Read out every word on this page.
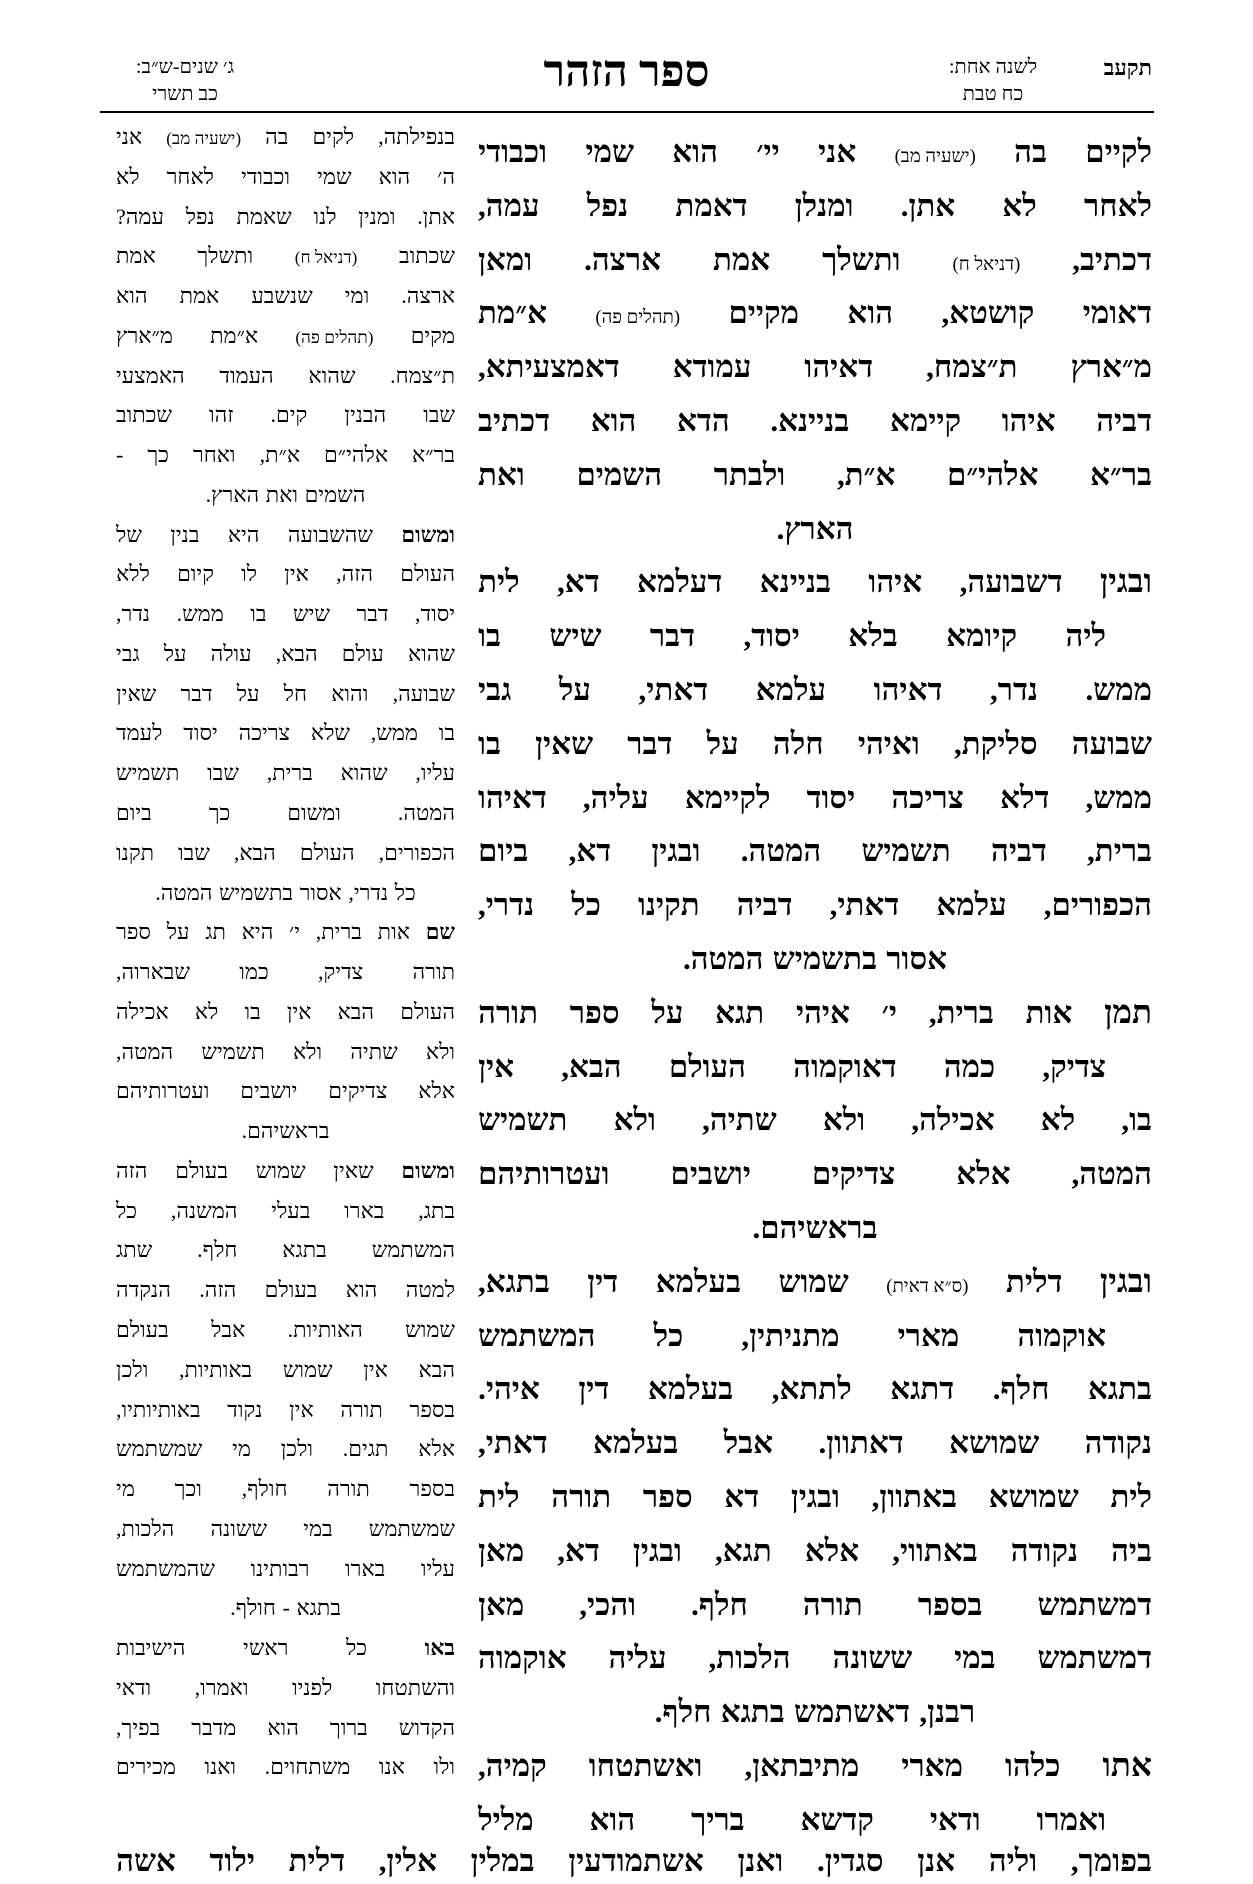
תקעב
לשנה אחת:
כח טבת
ספר הזהר
ג׳ שנים-ש״ב:
כב תשרי
לקיים
בה
(ישעיה מב)
אני
יי׳
הוא
שמי
וכבודי
לאחר
לא
אתן.
ומנלן
דאמת
נפל
עמה,
דכתיב,
(דניאל ח)
ותשלך
אמת
ארצה.
ומאן
דאומי
קושטא,
הוא
מקיים
(תהלים פה)
א״מת
מ״ארץ
ת״צמח,
דאיהו
עמודא
דאמצעיתא,
דביה
איהו
קיימא
בניינא.
הדא
הוא
דכתיב
בר״א
אלהי״ם
א״ת,
ולבתר
השמים
ואת
הארץ.
ובגין
דשבועה,
איהו
בניינא
דעלמא
דא,
לית
ליה
קיומא
בלא
יסוד,
דבר
שיש
בו
ממש.
נדר,
דאיהו
עלמא
דאתי,
על
גבי
שבועה
סליקת,
ואיהי
חלה
על
דבר
שאין
בו
ממש,
דלא
צריכה
יסוד
לקיימא
עליה,
דאיהו
ברית,
דביה
תשמיש
המטה.
ובגין
דא,
ביום
הכפורים,
עלמא
דאתי,
דביה
תקינו
כל
נדרי,
אסור
בתשמיש
המטה.
תמן
אות
ברית,
י׳
איהי
תגא
על
ספר
תורה
צדיק,
כמה
דאוקמוה
העולם
הבא,
אין
בו,
לא
אכילה,
ולא
שתיה,
ולא
תשמיש
המטה,
אלא
צדיקים
יושבים
ועטרותיהם
בראשיהם.
ובגין
דלית
(ס״א דאית)
שמוש
בעלמא
דין
בתגא,
אוקמוה
מארי
מתניתין,
כל
המשתמש
בתגא
חלף.
דתגא
לתתא,
בעלמא
דין
איהי.
נקודה
שמושא
דאתוון.
אבל
בעלמא
דאתי,
לית
שמושא
באתוון,
ובגין
דא
ספר
תורה
לית
ביה
נקודה
באתווי,
אלא
תגא,
ובגין
דא,
מאן
דמשתמש
בספר
תורה
חלף.
והכי,
מאן
דמשתמש
במי
ששונה
הלכות,
עליה
אוקמוה
רבנן,
דאשתמש
בתגא
חלף.
אתו
כלהו
מארי
מתיבתאן,
ואשתטחו
קמיה,
ואמרו
ודאי
קדשא
בריך
הוא
מליל
בנפילתה,
לקים
בה
(ישעיה מב)
אני
ה׳
הוא
שמי
וכבודי
לאחר
לא
אתן.
ומנין
לנו
שאמת
נפל
עמה?
שכתוב
(דניאל ח)
ותשלך
אמת
ארצה.
ומי
שנשבע
אמת
הוא
מקים
(תהלים פה)
א״מת
מ״ארץ
ת״צמח.
שהוא
העמוד
האמצעי
שבו
הבנין
קים.
זהו
שכתוב
בר״א
אלהי״ם
א״ת,
ואחר
כך
-
השמים
ואת
הארץ.
ומשום
שהשבועה
היא
בנין
של
העולם
הזה,
אין
לו
קיום
ללא
יסוד,
דבר
שיש
בו
ממש.
נדר,
שהוא
עולם
הבא,
עולה
על
גבי
שבועה,
והוא
חל
על
דבר
שאין
בו
ממש,
שלא
צריכה
יסוד
לעמד
עליו,
שהוא
ברית,
שבו
תשמיש
המטה.
ומשום
כך
ביום
הכפורים,
העולם
הבא,
שבו
תקנו
כל
נדרי,
אסור
בתשמיש
המטה.
שם
אות
ברית,
י׳
היא
תג
על
ספר
תורה
צדיק,
כמו
שבארוה,
העולם
הבא
אין
בו
לא
אכילה
ולא
שתיה
ולא
תשמיש
המטה,
אלא
צדיקים
יושבים
ועטרותיהם
בראשיהם.
ומשום
שאין
שמוש
בעולם
הזה
בתג,
בארו
בעלי
המשנה,
כל
המשתמש
בתגא
חלף.
שתג
למטה
הוא
בעולם
הזה.
הנקדה
שמוש
האותיות.
אבל
בעולם
הבא
אין
שמוש
באותיות,
ולכן
בספר
תורה
אין
נקוד
באותיותיו,
אלא
תגים.
ולכן
מי
שמשתמש
בספר
תורה
חולף,
וכך
מי
שמשתמש
במי
ששונה
הלכות,
עליו
בארו
רבותינו
שהמשתמש
בתגא
-
חולף.
באו
כל
ראשי
הישיבות
והשתטחו
לפניו
ואמרו,
ודאי
הקדוש
ברוך
הוא
מדבר
בפיך,
ולו
אנו
משתחוים.
ואנו
מכירים
בפומך,
וליה
אנן
סגדין.
ואנן
אשתמודעין
במלין
אלין,
דלית
ילוד
אשה
